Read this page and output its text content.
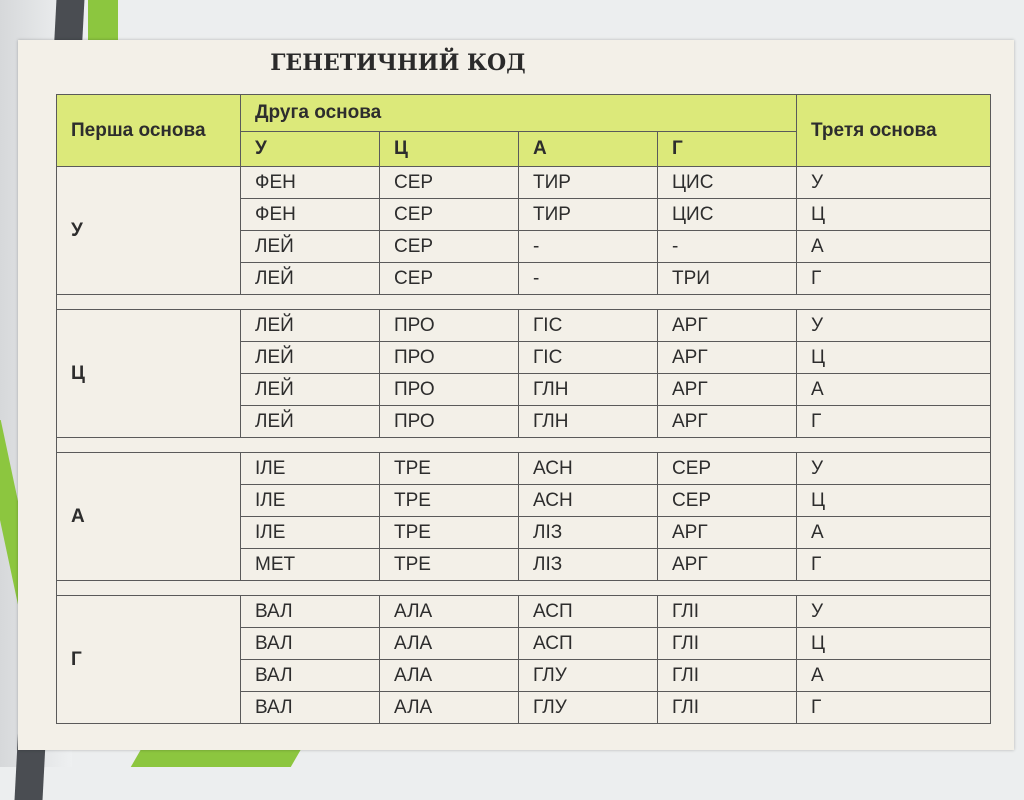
ГЕНЕТИЧНИЙ КОД
Перша основа	Друга основа				Третя основа
	У	Ц	А	Г	
У	ФЕН	СЕР	ТИР	ЦИС	У
	ФЕН	СЕР	ТИР	ЦИС	Ц
	ЛЕЙ	СЕР	-	-	А
	ЛЕЙ	СЕР	-	ТРИ	Г

Ц	ЛЕЙ	ПРО	ГІС	АРГ	У
	ЛЕЙ	ПРО	ГІС	АРГ	Ц
	ЛЕЙ	ПРО	ГЛН	АРГ	А
	ЛЕЙ	ПРО	ГЛН	АРГ	Г

А	ІЛЕ	ТРЕ	АСН	СЕР	У
	ІЛЕ	ТРЕ	АСН	СЕР	Ц
	ІЛЕ	ТРЕ	ЛІЗ	АРГ	А
	МЕТ	ТРЕ	ЛІЗ	АРГ	Г

Г	ВАЛ	АЛА	АСП	ГЛІ	У
	ВАЛ	АЛА	АСП	ГЛІ	Ц
	ВАЛ	АЛА	ГЛУ	ГЛІ	А
	ВАЛ	АЛА	ГЛУ	ГЛІ	Г
